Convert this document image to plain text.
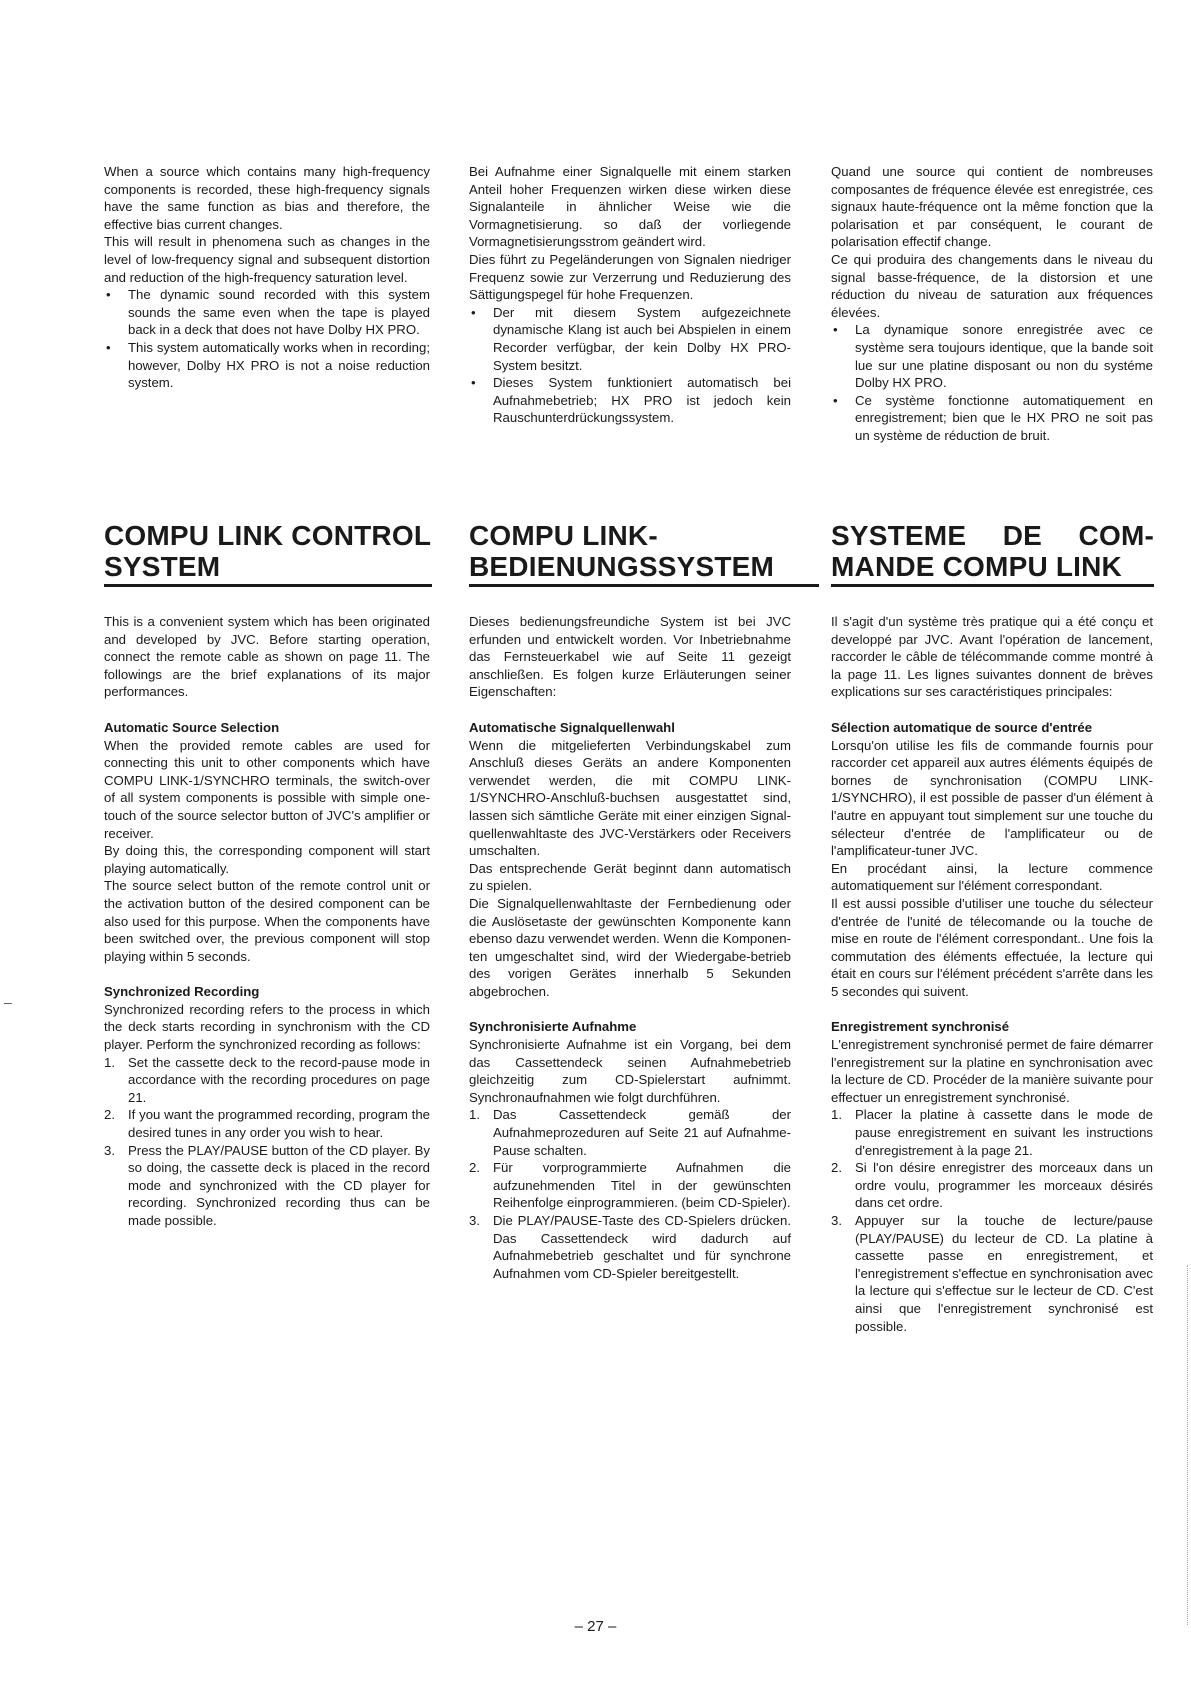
When a source which contains many high-frequency components is recorded, these high-frequency signals have the same function as bias and therefore, the effective bias current changes.

This will result in phenomena such as changes in the level of low-frequency signal and subsequent distortion and reduction of the high-frequency saturation level.

• The dynamic sound recorded with this system sounds the same even when the tape is played back in a deck that does not have Dolby HX PRO.
• This system automatically works when in recording; however, Dolby HX PRO is not a noise reduction system.

Bei Aufnahme einer Signalquelle mit einem starken Anteil hoher Frequenzen wirken diese wirken diese Signalanteile in ähnlicher Weise wie die Vormagnetisierung. so daß der vorliegende Vormagnetisierungsstrom geändert wird.

Dies führt zu Pegeländerungen von Signalen niedriger Frequenz sowie zur Verzerrung und Reduzierung des Sättigungspegel für hohe Frequenzen.

• Der mit diesem System aufgezeichnete dynamische Klang ist auch bei Abspielen in einem Recorder verfügbar, der kein Dolby HX PRO-System besitzt.
• Dieses System funktioniert automatisch bei Aufnahmebetrieb; HX PRO ist jedoch kein Rauschunterdrückungssystem.

Quand une source qui contient de nombreuses composantes de fréquence élevée est enregistrée, ces signaux haute-fréquence ont la même fonction que la polarisation et par conséquent, le courant de polarisation effectif change.

Ce qui produira des changements dans le niveau du signal basse-fréquence, de la distorsion et une réduction du niveau de saturation aux fréquences élevées.

• La dynamique sonore enregistrée avec ce système sera toujours identique, que la bande soit lue sur une platine disposant ou non du systéme Dolby HX PRO.
• Ce système fonctionne automatiquement en enregistrement; bien que le HX PRO ne soit pas un système de réduction de bruit.
COMPU LINK CONTROL SYSTEM
COMPU LINK-BEDIENUNGSSYSTEM
SYSTEME DE COM-
MANDE COMPU LINK

This is a convenient system which has been originated and developed by JVC. Before starting operation, connect the remote cable as shown on page 11. The followings are the brief explanations of its major performances.

Automatic Source Selection

When the provided remote cables are used for connecting this unit to other components which have COMPU LINK-1/SYNCHRO terminals, the switch-over of all system components is possible with simple one-touch of the source selector button of JVC's amplifier or receiver.

By doing this, the corresponding component will start playing automatically.

The source select button of the remote control unit or the activation button of the desired component can be also used for this purpose. When the components have been switched over, the previous component will stop playing within 5 seconds.

Synchronized Recording

Synchronized recording refers to the process in which the deck starts recording in synchronism with the CD player. Perform the synchronized recording as follows:

1. Set the cassette deck to the record-pause mode in accordance with the recording procedures on page 21.
2. If you want the programmed recording, program the desired tunes in any order you wish to hear.
3. Press the PLAY/PAUSE button of the CD player. By so doing, the cassette deck is placed in the record mode and synchronized with the CD player for recording. Synchronized recording thus can be made possible.

Dieses bedienungsfreundiche System ist bei JVC erfunden und entwickelt worden. Vor Inbetriebnahme das Fernsteuerkabel wie auf Seite 11 gezeigt anschließen. Es folgen kurze Erläuterungen seiner Eigenschaften:

Automatische Signalquellenwahl

Wenn die mitgelieferten Verbindungskabel zum Anschluß dieses Geräts an andere Komponenten verwendet werden, die mit COMPU LINK-1/SYNCHRO-Anschluß-buchsen ausgestattet sind, lassen sich sämtliche Geräte mit einer einzigen Signal-quellenwahltaste des JVC-Verstärkers oder Receivers umschalten.

Das entsprechende Gerät beginnt dann automatisch zu spielen.

Die Signalquellenwahltaste der Fernbedienung oder die Auslösetaste der gewünschten Komponente kann ebenso dazu verwendet werden. Wenn die Komponen-ten umgeschaltet sind, wird der Wiedergabe-betrieb des vorigen Gerätes innerhalb 5 Sekunden abgebrochen.

Synchronisierte Aufnahme

Synchronisierte Aufnahme ist ein Vorgang, bei dem das Cassettendeck seinen Aufnahmebetrieb gleichzeitig zum CD-Spielerstart aufnimmt. Synchronaufnahmen wie folgt durchführen.

1. Das Cassettendeck gemäß der Aufnahmeprozeduren auf Seite 21 auf Aufnahme-Pause schalten.
2. Für vorprogrammierte Aufnahmen die aufzunehmenden Titel in der gewünschten Reihenfolge einprogrammieren. (beim CD-Spieler).
3. Die PLAY/PAUSE-Taste des CD-Spielers drücken. Das Cassettendeck wird dadurch auf Aufnahmebetrieb geschaltet und für synchrone Aufnahmen vom CD-Spieler bereitgestellt.

Il s'agit d'un système très pratique qui a été conçu et developpé par JVC. Avant l'opération de lancement, raccorder le câble de télécommande comme montré à la page 11. Les lignes suivantes donnent de brèves explications sur ses caractéristiques principales:

Sélection automatique de source d'entrée

Lorsqu'on utilise les fils de commande fournis pour raccorder cet appareil aux autres éléments équipés de bornes de synchronisation (COMPU LINK-1/SYNCHRO), il est possible de passer d'un élément à l'autre en appuyant tout simplement sur une touche du sélecteur d'entrée de l'amplificateur ou de l'amplificateur-tuner JVC.

En procédant ainsi, la lecture commence automatiquement sur l'élément correspondant.

Il est aussi possible d'utiliser une touche du sélecteur d'entrée de l'unité de télecomande ou la touche de mise en route de l'élément correspondant.. Une fois la commutation des éléments effectuée, la lecture qui était en cours sur l'élément précédent s'arrête dans les 5 secondes qui suivent.

Enregistrement synchronisé

L'enregistrement synchronisé permet de faire démarrer l'enregistrement sur la platine en synchronisation avec la lecture de CD. Procéder de la manière suivante pour effectuer un enregistrement synchronisé.

1. Placer la platine à cassette dans le mode de pause enregistrement en suivant les instructions d'enregistrement à la page 21.
2. Si l'on désire enregistrer des morceaux dans un ordre voulu, programmer les morceaux désirés dans cet ordre.
3. Appuyer sur la touche de lecture/pause (PLAY/PAUSE) du lecteur de CD. La platine à cassette passe en enregistrement, et l'enregistrement s'effectue en synchronisation avec la lecture qui s'effectue sur le lecteur de CD. C'est ainsi que l'enregistrement synchronisé est possible.
–
– 27 –
